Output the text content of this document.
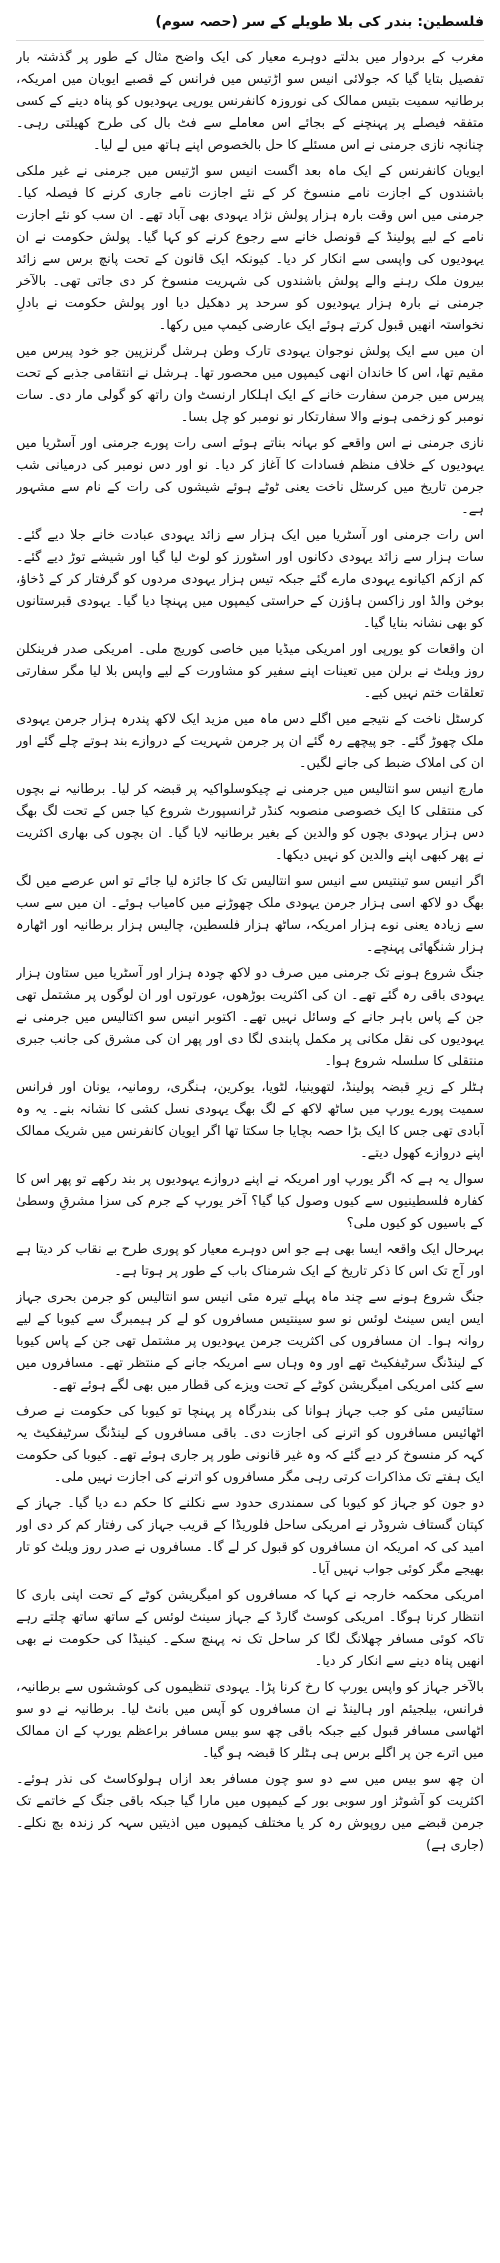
فلسطین: بندر کی بلا طویلے کے سر (حصہ سوم)

مغرب کے بردوار میں بدلتے دوہرے معیار کی ایک واضح مثال کے طور پر گذشتہ بار تفصیل بتایا گیا کہ جولائی انیس سو اڑتیس میں فرانس کے قصبے ایویان میں امریکہ، برطانیہ سمیت بتیس ممالک کی نوروزہ کانفرنس یورپی یہودیوں کو پناہ دینے کے کسی متفقہ فیصلے پر پہنچنے کے بجائے اس معاملے سے فٹ بال کی طرح کھیلتی رہی۔ چنانچہ نازی جرمنی نے اس مسئلے کا حل بالخصوص اپنے ہاتھ میں لے لیا۔

ایویان کانفرنس کے ایک ماہ بعد اگست انیس سو اڑتیس میں جرمنی نے غیر ملکی باشندوں کے اجازت نامے منسوخ کر کے نئے اجازت نامے جاری کرنے کا فیصلہ کیا۔ جرمنی میں اس وقت بارہ ہزار پولش نژاد یہودی بھی آباد تھے۔ ان سب کو نئے اجازت نامے کے لیے پولینڈ کے قونصل خانے سے رجوع کرنے کو کہا گیا۔ پولش حکومت نے ان یہودیوں کی واپسی سے انکار کر دیا۔ کیونکہ ایک قانون کے تحت پانچ برس سے زائد بیرون ملک رہنے والے پولش باشندوں کی شہریت منسوخ کر دی جاتی تھی۔ بالآخر جرمنی نے بارہ ہزار یہودیوں کو سرحد پر دھکیل دیا اور پولش حکومت نے بادلِ نخواستہ انھیں قبول کرتے ہوئے ایک عارضی کیمپ میں رکھا۔

ان میں سے ایک پولش نوجوان یہودی تارک وطن ہرشل گرنزپین جو خود پیرس میں مقیم تھا، اس کا خاندان انھی کیمپوں میں محصور تھا۔ ہرشل نے انتقامی جذبے کے تحت پیرس میں جرمن سفارت خانے کے ایک اہلکار ارنسٹ وان راتھ کو گولی مار دی۔ سات نومبر کو زخمی ہونے والا سفارتکار نو نومبر کو چل بسا۔

نازی جرمنی نے اس واقعے کو بہانہ بناتے ہوئے اسی رات پورے جرمنی اور آسٹریا میں یہودیوں کے خلاف منظم فسادات کا آغاز کر دیا۔ نو اور دس نومبر کی درمیانی شب جرمن تاریخ میں کرسٹل ناخت یعنی ٹوٹے ہوئے شیشوں کی رات کے نام سے مشہور ہے۔

اس رات جرمنی اور آسٹریا میں ایک ہزار سے زائد یہودی عبادت خانے جلا دیے گئے۔ سات ہزار سے زائد یہودی دکانوں اور اسٹورز کو لوٹ لیا گیا اور شیشے توڑ دیے گئے۔ کم ازکم اکیانوے یہودی مارے گئے جبکہ تیس ہزار یہودی مردوں کو گرفتار کر کے ڈخاؤ، بوخن والڈ اور زاکسن ہاؤزن کے حراستی کیمپوں میں پہنچا دیا گیا۔ یہودی قبرستانوں کو بھی نشانہ بنایا گیا۔

ان واقعات کو یورپی اور امریکی میڈیا میں خاصی کوریج ملی۔ امریکی صدر فرینکلن روز ویلٹ نے برلن میں تعینات اپنے سفیر کو مشاورت کے لیے واپس بلا لیا مگر سفارتی تعلقات ختم نہیں کیے۔

کرسٹل ناخت کے نتیجے میں اگلے دس ماہ میں مزید ایک لاکھ پندرہ ہزار جرمن یہودی ملک چھوڑ گئے۔ جو پیچھے رہ گئے ان پر جرمن شہریت کے دروازے بند ہوتے چلے گئے اور ان کی املاک ضبط کی جانے لگیں۔

مارچ انیس سو انتالیس میں جرمنی نے چیکوسلواکیہ پر قبضہ کر لیا۔ برطانیہ نے بچوں کی منتقلی کا ایک خصوصی منصوبہ کنڈر ٹرانسپورٹ شروع کیا جس کے تحت لگ بھگ دس ہزار یہودی بچوں کو والدین کے بغیر برطانیہ لایا گیا۔ ان بچوں کی بھاری اکثریت نے پھر کبھی اپنے والدین کو نہیں دیکھا۔

اگر انیس سو تینتیس سے انیس سو انتالیس تک کا جائزہ لیا جائے تو اس عرصے میں لگ بھگ دو لاکھ اسی ہزار جرمن یہودی ملک چھوڑنے میں کامیاب ہوئے۔ ان میں سے سب سے زیادہ یعنی نوے ہزار امریکہ، ساٹھ ہزار فلسطین، چالیس ہزار برطانیہ اور اٹھارہ ہزار شنگھائی پہنچے۔

جنگ شروع ہونے تک جرمنی میں صرف دو لاکھ چودہ ہزار اور آسٹریا میں ستاون ہزار یہودی باقی رہ گئے تھے۔ ان کی اکثریت بوڑھوں، عورتوں اور ان لوگوں پر مشتمل تھی جن کے پاس باہر جانے کے وسائل نہیں تھے۔ اکتوبر انیس سو اکتالیس میں جرمنی نے یہودیوں کی نقل مکانی پر مکمل پابندی لگا دی اور پھر ان کی مشرق کی جانب جبری منتقلی کا سلسلہ شروع ہوا۔

ہٹلر کے زیرِ قبضہ پولینڈ، لتھوینیا، لٹویا، یوکرین، ہنگری، رومانیہ، یونان اور فرانس سمیت پورے یورپ میں ساٹھ لاکھ کے لگ بھگ یہودی نسل کشی کا نشانہ بنے۔ یہ وہ آبادی تھی جس کا ایک بڑا حصہ بچایا جا سکتا تھا اگر ایویان کانفرنس میں شریک ممالک اپنے دروازے کھول دیتے۔

سوال یہ ہے کہ اگر یورپ اور امریکہ نے اپنے دروازے یہودیوں پر بند رکھے تو پھر اس کا کفارہ فلسطینیوں سے کیوں وصول کیا گیا؟ آخر یورپ کے جرم کی سزا مشرقِ وسطیٰ کے باسیوں کو کیوں ملی؟

بہرحال ایک واقعہ ایسا بھی ہے جو اس دوہرے معیار کو پوری طرح بے نقاب کر دیتا ہے اور آج تک اس کا ذکر تاریخ کے ایک شرمناک باب کے طور پر ہوتا ہے۔

جنگ شروع ہونے سے چند ماہ پہلے تیرہ مئی انیس سو انتالیس کو جرمن بحری جہاز ایس ایس سینٹ لوئس نو سو سینتیس مسافروں کو لے کر ہیمبرگ سے کیوبا کے لیے روانہ ہوا۔ ان مسافروں کی اکثریت جرمن یہودیوں پر مشتمل تھی جن کے پاس کیوبا کے لینڈنگ سرٹیفکیٹ تھے اور وہ وہاں سے امریکہ جانے کے منتظر تھے۔ مسافروں میں سے کئی امریکی امیگریشن کوٹے کے تحت ویزے کی قطار میں بھی لگے ہوئے تھے۔

ستائیس مئی کو جب جہاز ہوانا کی بندرگاہ پر پہنچا تو کیوبا کی حکومت نے صرف اٹھائیس مسافروں کو اترنے کی اجازت دی۔ باقی مسافروں کے لینڈنگ سرٹیفکیٹ یہ کہہ کر منسوخ کر دیے گئے کہ وہ غیر قانونی طور پر جاری ہوئے تھے۔ کیوبا کی حکومت ایک ہفتے تک مذاکرات کرتی رہی مگر مسافروں کو اترنے کی اجازت نہیں ملی۔

دو جون کو جہاز کو کیوبا کی سمندری حدود سے نکلنے کا حکم دے دیا گیا۔ جہاز کے کپتان گستاف شروڈر نے امریکی ساحل فلوریڈا کے قریب جہاز کی رفتار کم کر دی اور امید کی کہ امریکہ ان مسافروں کو قبول کر لے گا۔ مسافروں نے صدر روز ویلٹ کو تار بھیجے مگر کوئی جواب نہیں آیا۔

امریکی محکمہ خارجہ نے کہا کہ مسافروں کو امیگریشن کوٹے کے تحت اپنی باری کا انتظار کرنا ہوگا۔ امریکی کوسٹ گارڈ کے جہاز سینٹ لوئس کے ساتھ ساتھ چلتے رہے تاکہ کوئی مسافر چھلانگ لگا کر ساحل تک نہ پہنچ سکے۔ کینیڈا کی حکومت نے بھی انھیں پناہ دینے سے انکار کر دیا۔

بالآخر جہاز کو واپس یورپ کا رخ کرنا پڑا۔ یہودی تنظیموں کی کوششوں سے برطانیہ، فرانس، بیلجیئم اور ہالینڈ نے ان مسافروں کو آپس میں بانٹ لیا۔ برطانیہ نے دو سو اٹھاسی مسافر قبول کیے جبکہ باقی چھ سو بیس مسافر براعظم یورپ کے ان ممالک میں اترے جن پر اگلے برس ہی ہٹلر کا قبضہ ہو گیا۔

ان چھ سو بیس میں سے دو سو چون مسافر بعد ازاں ہولوکاسٹ کی نذر ہوئے۔ اکثریت کو آشوٹز اور سوبی بور کے کیمپوں میں مارا گیا جبکہ باقی جنگ کے خاتمے تک جرمن قبضے میں روپوش رہ کر یا مختلف کیمپوں میں اذیتیں سہہ کر زندہ بچ نکلے۔ (جاری ہے)
